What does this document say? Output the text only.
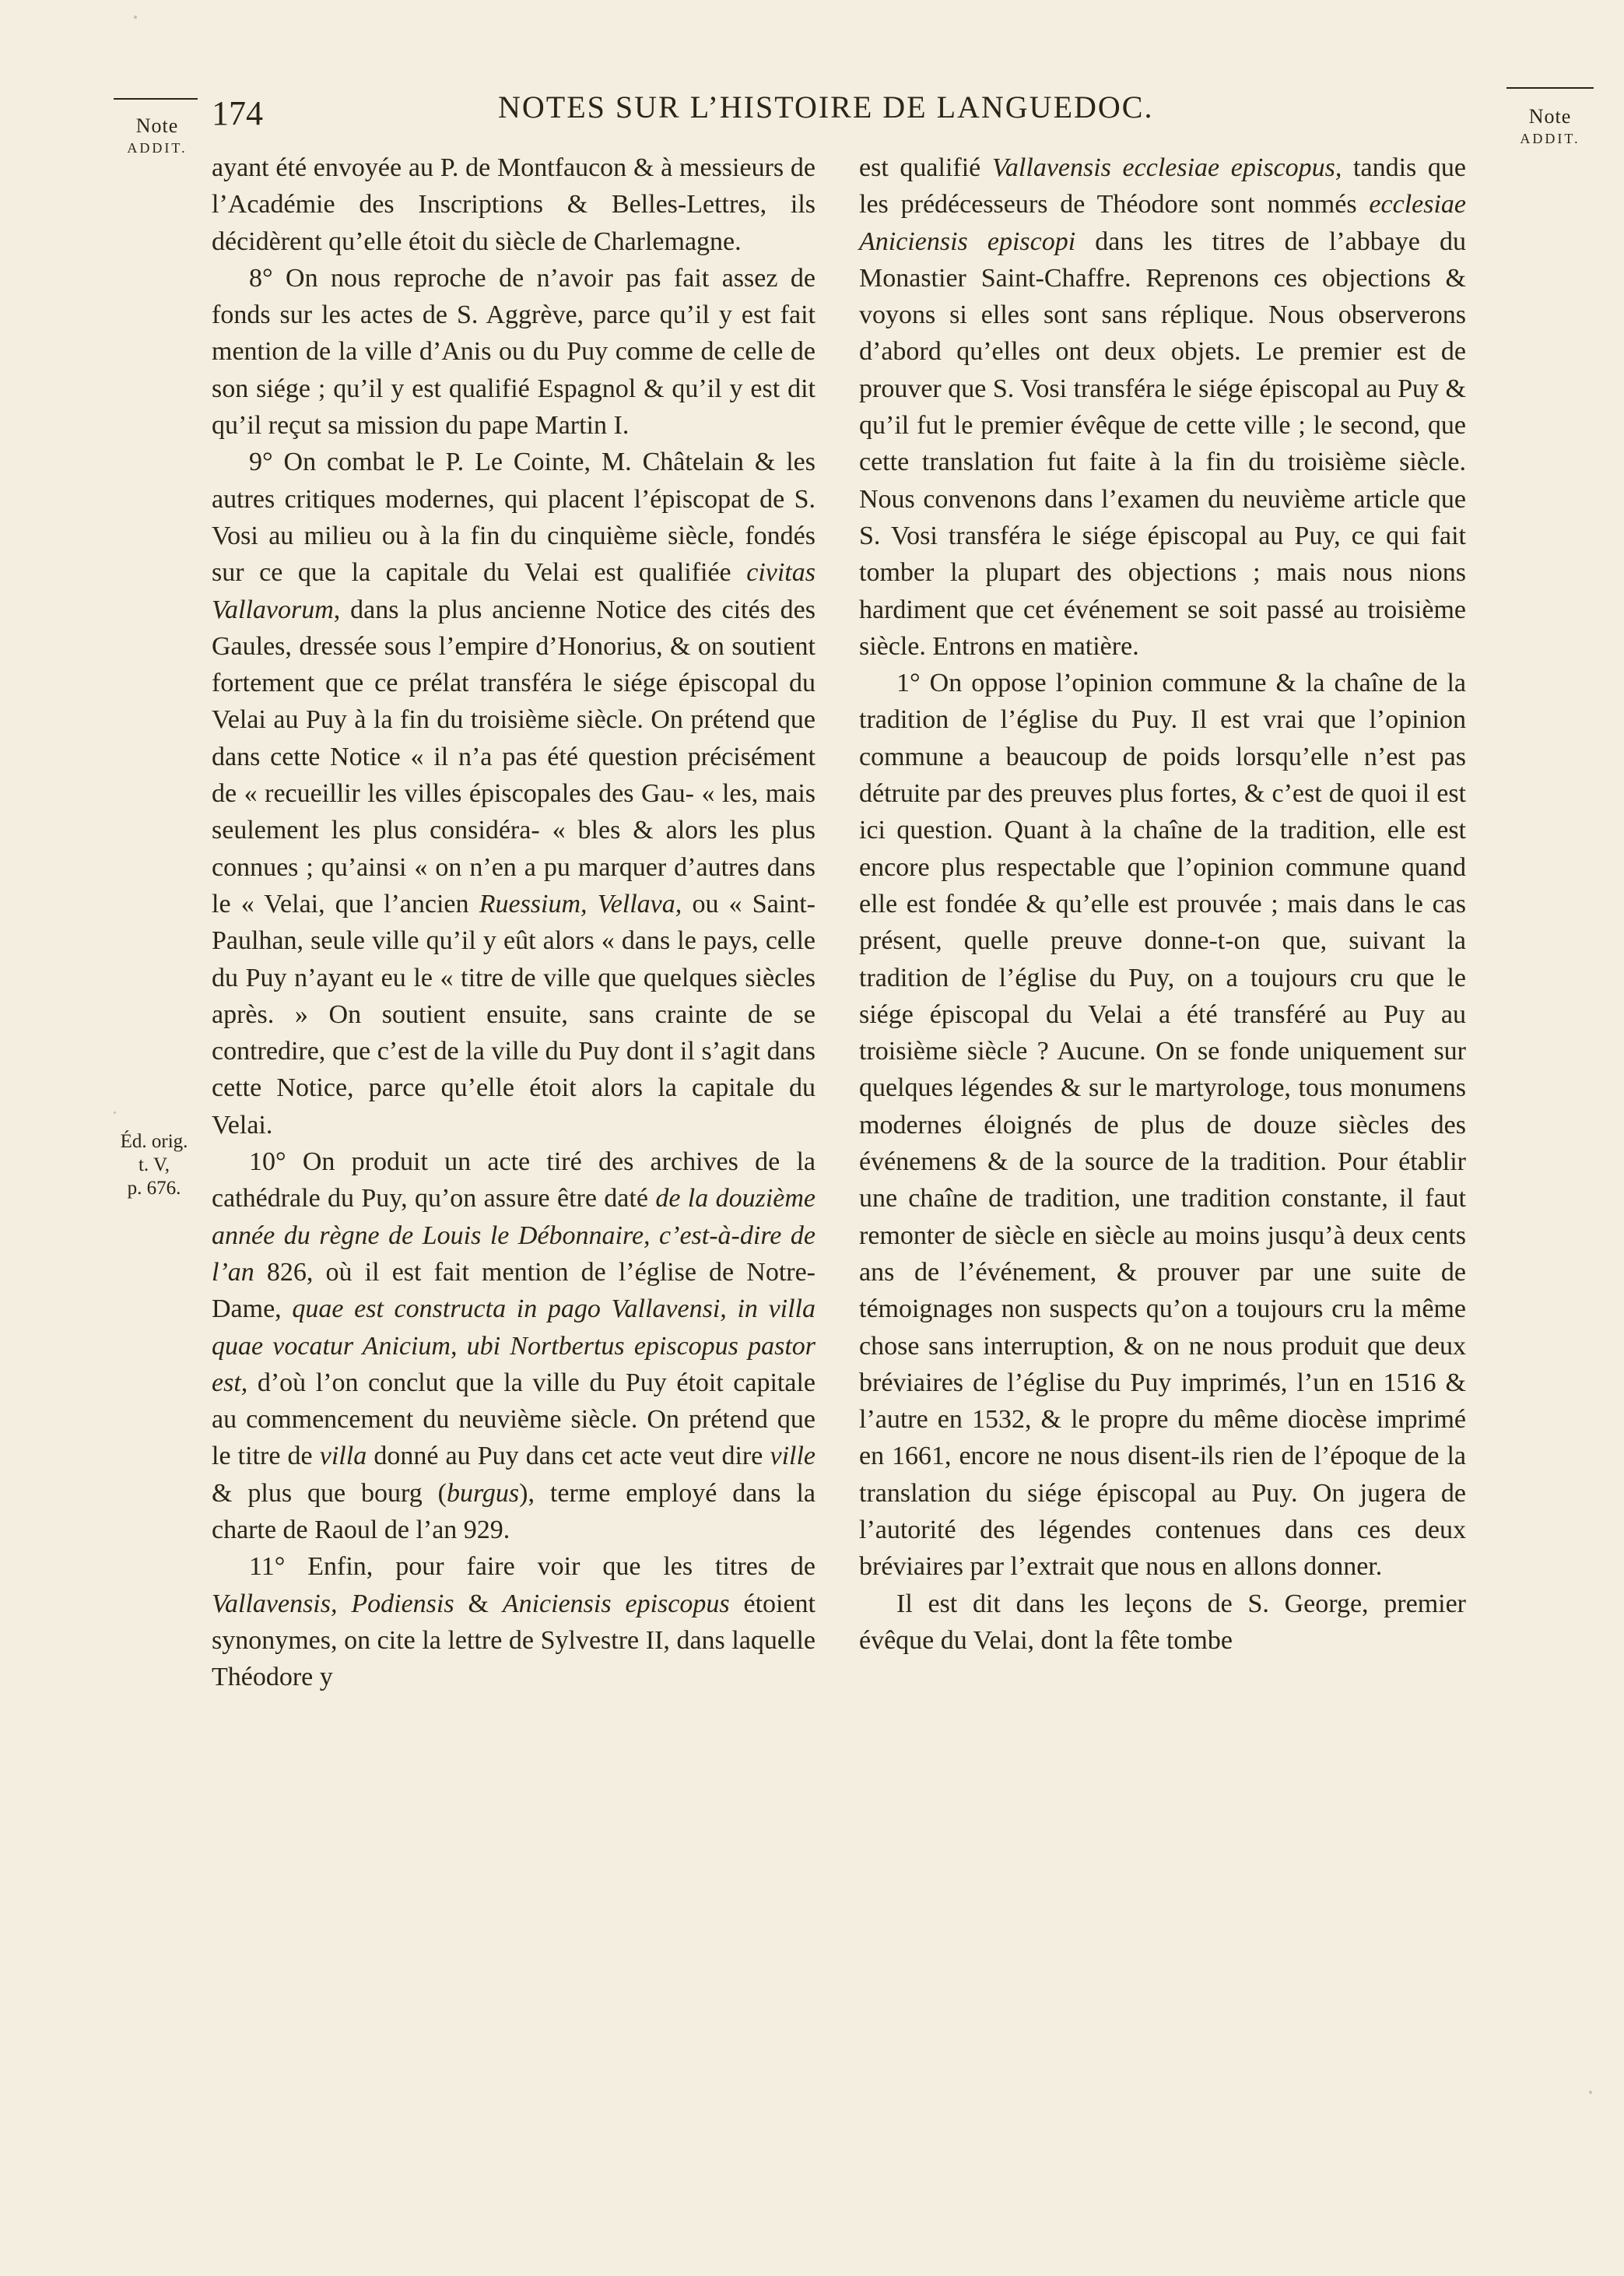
Note
ADDIT.
Note
ADDIT.
174	NOTES SUR L’HISTOIRE DE LANGUEDOC.

ayant été envoyée au P. de Montfaucon & à messieurs de l’Académie des Inscriptions & Belles-Lettres, ils décidèrent qu’elle étoit du siècle de Charlemagne.

8° On nous reproche de n’avoir pas fait assez de fonds sur les actes de S. Aggrève, parce qu’il y est fait mention de la ville d’Anis ou du Puy comme de celle de son siége ; qu’il y est qualifié Espagnol & qu’il y est dit qu’il reçut sa mission du pape Martin I.

9° On combat le P. Le Cointe, M. Châtelain & les autres critiques modernes, qui placent l’épiscopat de S. Vosi au milieu ou à la fin du cinquième siècle, fondés sur ce que la capitale du Velai est qualifiée civitas Vallavorum, dans la plus ancienne Notice des cités des Gaules, dressée sous l’empire d’Honorius, & on soutient fortement que ce prélat transféra le siége épiscopal du Velai au Puy à la fin du troisième siècle. On prétend que dans cette Notice « il n’a pas été question précisément de « recueillir les villes épiscopales des Gau- « les, mais seulement les plus considéra- « bles & alors les plus connues ; qu’ainsi « on n’en a pu marquer d’autres dans le « Velai, que l’ancien Ruessium, Vellava, ou « Saint-Paulhan, seule ville qu’il y eût alors « dans le pays, celle du Puy n’ayant eu le « titre de ville que quelques siècles après. » On soutient ensuite, sans crainte de se contredire, que c’est de la ville du Puy dont il s’agit dans cette Notice, parce qu’elle étoit alors la capitale du Velai.

10° On produit un acte tiré des archives de la cathédrale du Puy, qu’on assure être daté de la douzième année du règne de Louis le Débonnaire, c’est-à-dire de l’an 826, où il est fait mention de l’église de Notre-Dame, quae est constructa in pago Vallavensi, in villa quae vocatur Anicium, ubi Nortbertus episcopus pastor est, d’où l’on conclut que la ville du Puy étoit capitale au commencement du neuvième siècle. On prétend que le titre de villa donné au Puy dans cet acte veut dire ville & plus que bourg (burgus), terme employé dans la charte de Raoul de l’an 929.

11° Enfin, pour faire voir que les titres de Vallavensis, Podiensis & Aniciensis episcopus étoient synonymes, on cite la lettre de Sylvestre II, dans laquelle Théodore y

est qualifié Vallavensis ecclesiae episcopus, tandis que les prédécesseurs de Théodore sont nommés ecclesiae Aniciensis episcopi dans les titres de l’abbaye du Monastier Saint-Chaffre. Reprenons ces objections & voyons si elles sont sans réplique. Nous observerons d’abord qu’elles ont deux objets. Le premier est de prouver que S. Vosi transféra le siége épiscopal au Puy & qu’il fut le premier évêque de cette ville ; le second, que cette translation fut faite à la fin du troisième siècle. Nous convenons dans l’examen du neuvième article que S. Vosi transféra le siége épiscopal au Puy, ce qui fait tomber la plupart des objections ; mais nous nions hardiment que cet événement se soit passé au troisième siècle. Entrons en matière.

1° On oppose l’opinion commune & la chaîne de la tradition de l’église du Puy. Il est vrai que l’opinion commune a beaucoup de poids lorsqu’elle n’est pas détruite par des preuves plus fortes, & c’est de quoi il est ici question. Quant à la chaîne de la tradition, elle est encore plus respectable que l’opinion commune quand elle est fondée & qu’elle est prouvée ; mais dans le cas présent, quelle preuve donne-t-on que, suivant la tradition de l’église du Puy, on a toujours cru que le siége épiscopal du Velai a été transféré au Puy au troisième siècle ? Aucune. On se fonde uniquement sur quelques légendes & sur le martyrologe, tous monumens modernes éloignés de plus de douze siècles des événemens & de la source de la tradition. Pour établir une chaîne de tradition, une tradition constante, il faut remonter de siècle en siècle au moins jusqu’à deux cents ans de l’événement, & prouver par une suite de témoignages non suspects qu’on a toujours cru la même chose sans interruption, & on ne nous produit que deux bréviaires de l’église du Puy imprimés, l’un en 1516 & l’autre en 1532, & le propre du même diocèse imprimé en 1661, encore ne nous disent-ils rien de l’époque de la translation du siége épiscopal au Puy. On jugera de l’autorité des légendes contenues dans ces deux bréviaires par l’extrait que nous en allons donner.

Il est dit dans les leçons de S. George, premier évêque du Velai, dont la fête tombe

Éd. orig.
t. V,
p. 676.
